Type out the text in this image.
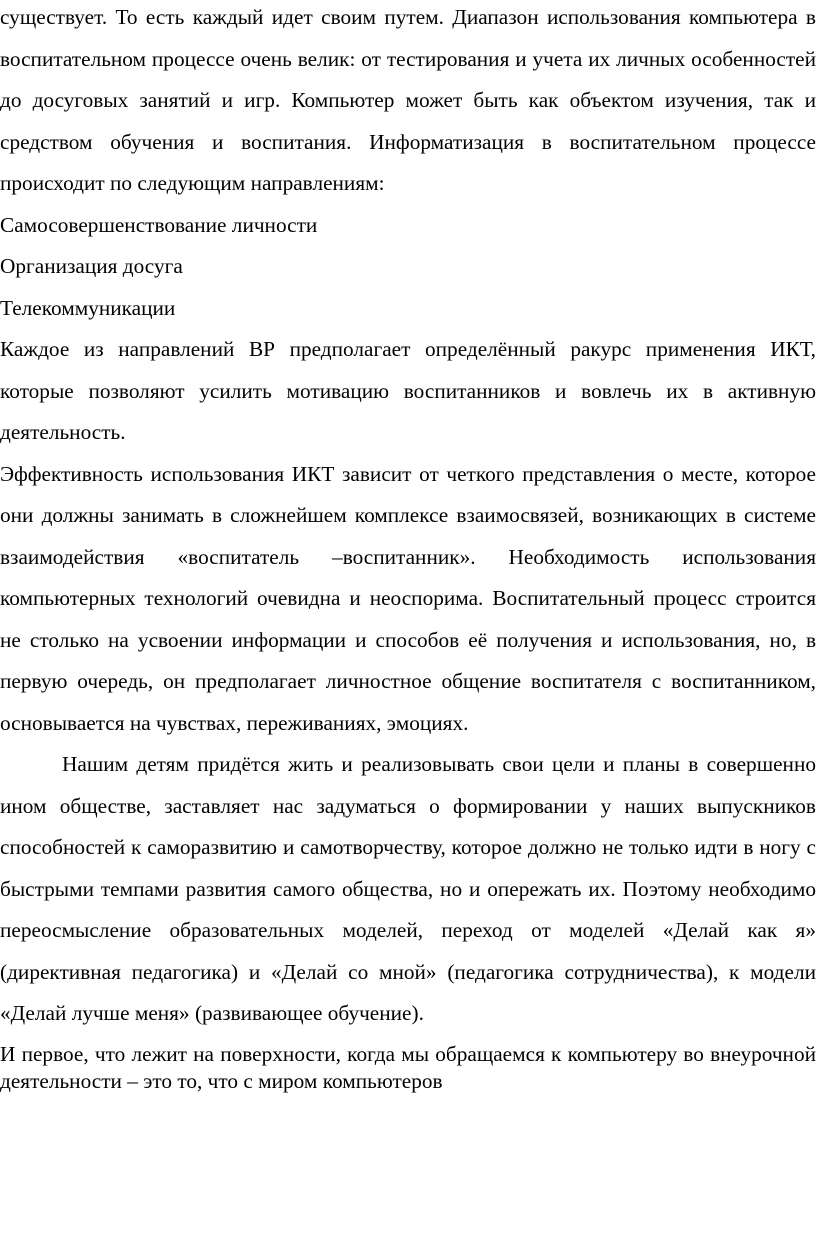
существует. То есть каждый идет своим путем. Диапазон использования компьютера в воспитательном процессе очень велик: от тестирования и учета их личных особенностей до досуговых занятий и игр. Компьютер может быть как объектом изучения, так и средством обучения и воспитания. Информатизация в воспитательном процессе происходит по следующим направлениям:

Самосовершенствование личности

Организация досуга

Телекоммуникации

Каждое из направлений ВР предполагает определённый ракурс применения ИКТ, которые позволяют усилить мотивацию воспитанников и вовлечь их в активную деятельность.

Эффективность использования ИКТ зависит от четкого представления о месте, которое они должны занимать в сложнейшем комплексе взаимосвязей, возникающих в системе взаимодействия «воспитатель –воспитанник». Необходимость использования компьютерных технологий очевидна и неоспорима. Воспитательный процесс строится не столько на усвоении информации и способов её получения и использования, но, в первую очередь, он предполагает личностное общение воспитателя с воспитанником, основывается на чувствах, переживаниях, эмоциях.

Нашим детям придётся жить и реализовывать свои цели и планы в совершенно ином обществе, заставляет нас задуматься о формировании у наших выпускников способностей к саморазвитию и самотворчеству, которое должно не только идти в ногу с быстрыми темпами развития самого общества, но и опережать их. Поэтому необходимо переосмысление образовательных моделей, переход от моделей «Делай как я» (директивная педагогика) и «Делай со мной» (педагогика сотрудничества), к модели «Делай лучше меня» (развивающее обучение).

И первое, что лежит на поверхности, когда мы обращаемся к компьютеру во внеурочной деятельности – это то, что с миром компьютеров
